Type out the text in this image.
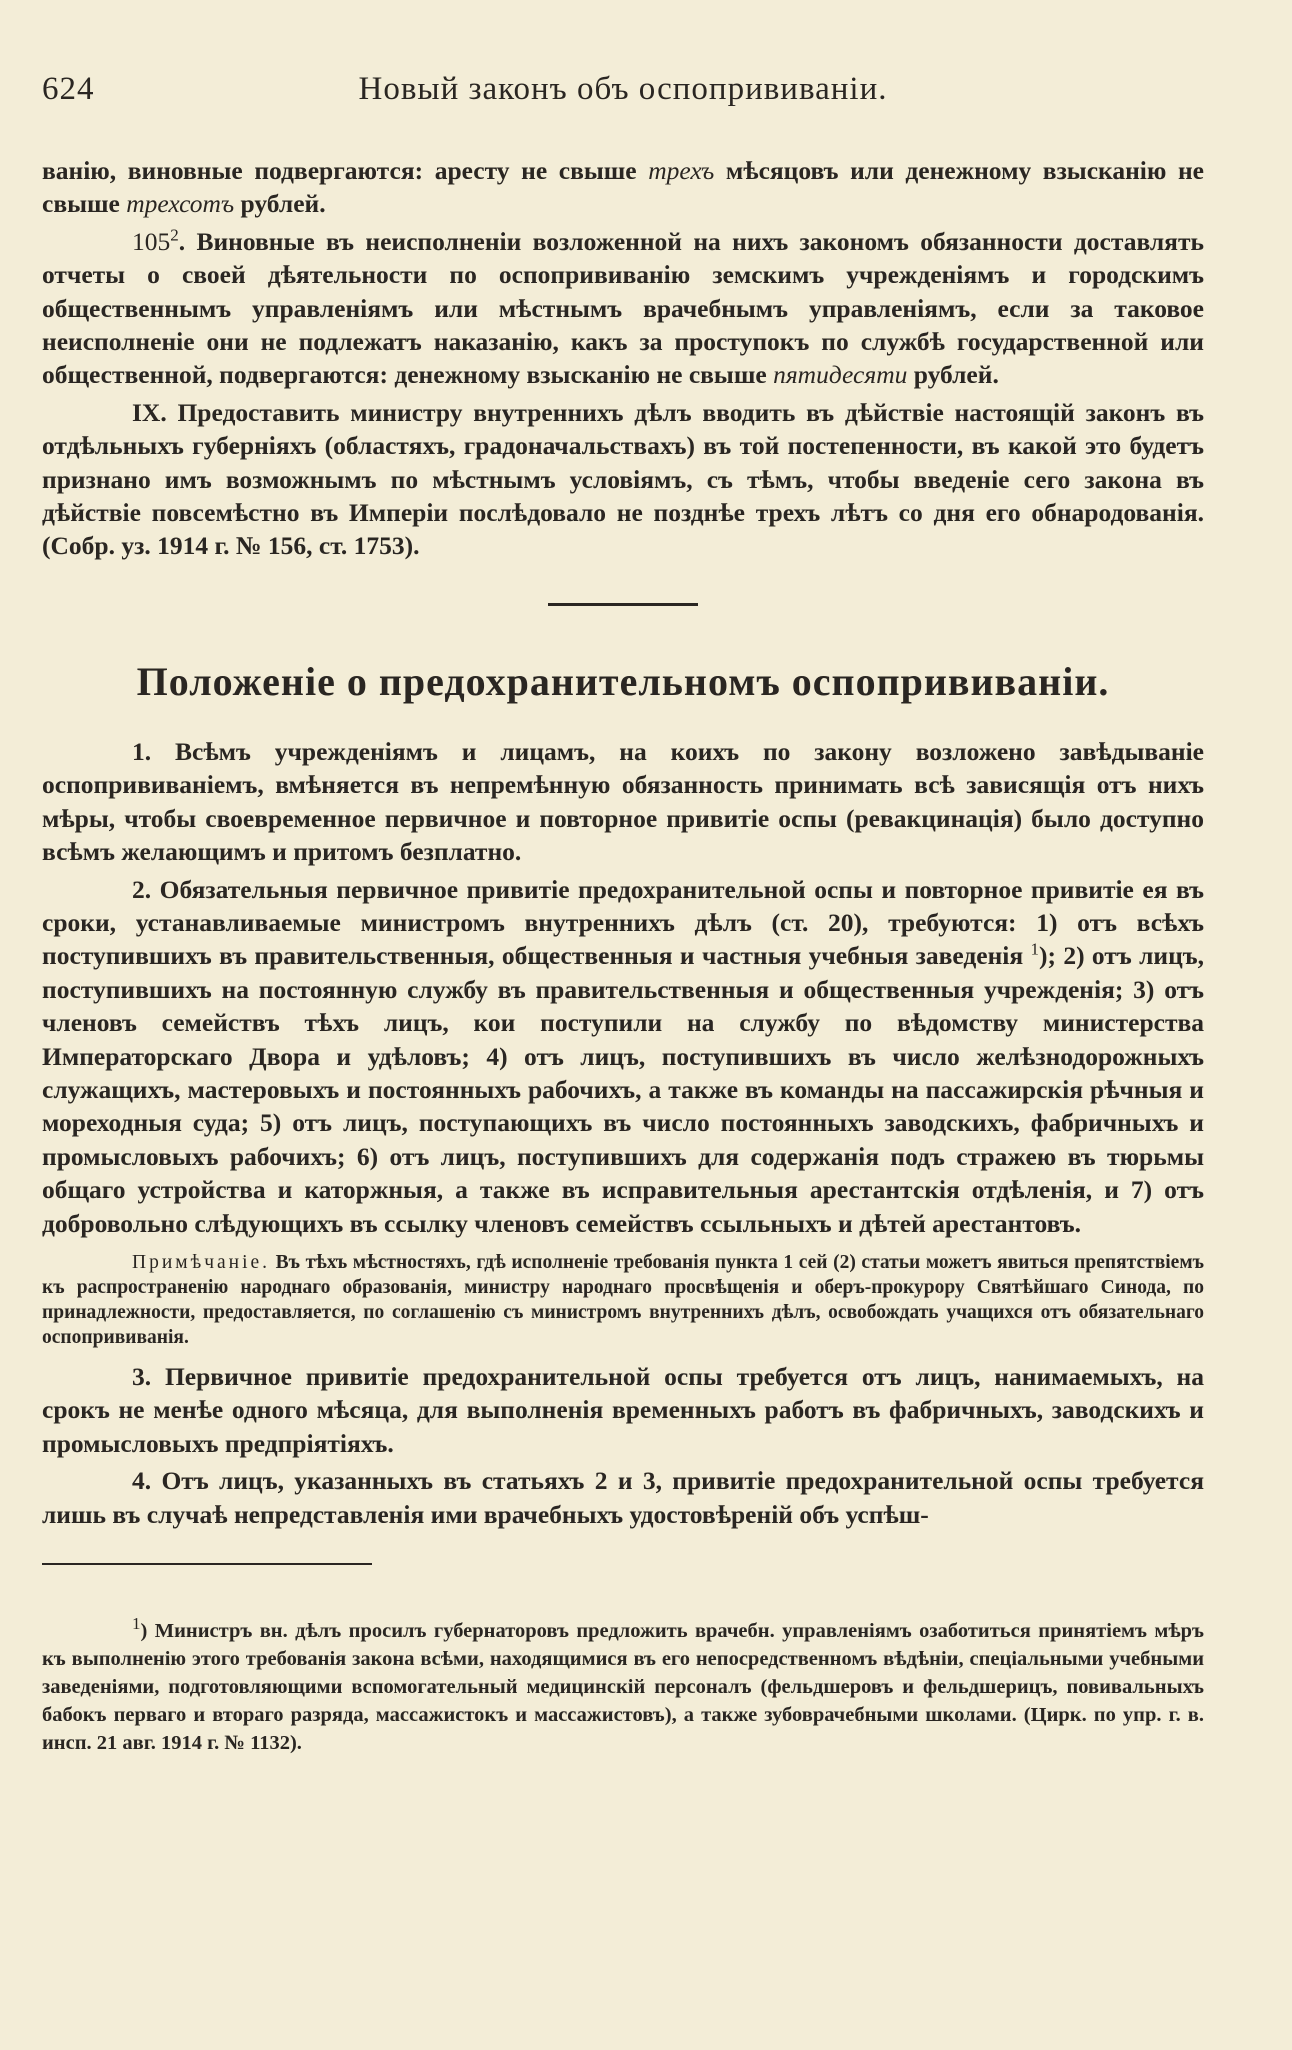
624	Новый законъ объ оспопрививаніи.

ванію, виновные подвергаются: аресту не свыше трехъ мѣсяцовъ или денежному взысканію не свыше трехсотъ рублей.

$105^2$. Виновные въ неисполненіи возложенной на нихъ закономъ обязанности доставлять отчеты о своей дѣятельности по оспопрививанію земскимъ учрежденіямъ и городскимъ общественнымъ управленіямъ или мѣстнымъ врачебнымъ управленіямъ, если за таковое неисполненіе они не подлежатъ наказанію, какъ за проступокъ по службѣ государственной или общественной, подвергаются: денежному взысканію не свыше пятидесяти рублей.

IX. Предоставить министру внутреннихъ дѣлъ вводить въ дѣйствіе настоящій законъ въ отдѣльныхъ губерніяхъ (областяхъ, градоначальствахъ) въ той постепенности, въ какой это будетъ признано имъ возможнымъ по мѣстнымъ условіямъ, съ тѣмъ, чтобы введеніе сего закона въ дѣйствіе повсемѣстно въ Имперіи послѣдовало не позднѣе трехъ лѣтъ со дня его обнародованія. (Собр. уз. 1914 г. № 156, ст. 1753).

Положеніе о предохранительномъ оспопрививаніи.

1. Всѣмъ учрежденіямъ и лицамъ, на коихъ по закону возложено завѣдываніе оспопрививаніемъ, вмѣняется въ непремѣнную обязанность принимать всѣ зависящія отъ нихъ мѣры, чтобы своевременное первичное и повторное привитіе оспы (ревакцинація) было доступно всѣмъ желающимъ и притомъ безплатно.

2. Обязательныя первичное привитіе предохранительной оспы и повторное привитіе ея въ сроки, устанавливаемые министромъ внутреннихъ дѣлъ (ст. 20), требуются: 1) отъ всѣхъ поступившихъ въ правительственныя, общественныя и частныя учебныя заведенія $^1$); 2) отъ лицъ, поступившихъ на постоянную службу въ правительственныя и общественныя учрежденія; 3) отъ членовъ семействъ тѣхъ лицъ, кои поступили на службу по вѣдомству министерства Императорскаго Двора и удѣловъ; 4) отъ лицъ, поступившихъ въ число желѣзнодорожныхъ служащихъ, мастеровыхъ и постоянныхъ рабочихъ, а также въ команды на пассажирскія рѣчныя и мореходныя суда; 5) отъ лицъ, поступающихъ въ число постоянныхъ заводскихъ, фабричныхъ и промысловыхъ рабочихъ; 6) отъ лицъ, поступившихъ для содержанія подъ стражею въ тюрьмы общаго устройства и каторжныя, а также въ исправительныя арестантскія отдѣленія, и 7) отъ добровольно слѣдующихъ въ ссылку членовъ семействъ ссыльныхъ и дѣтей арестантовъ.

Примѣчаніе. Въ тѣхъ мѣстностяхъ, гдѣ исполненіе требованія пункта 1 сей (2) статьи можетъ явиться препятствіемъ къ распространенію народнаго образованія, министру народнаго просвѣщенія и оберъ-прокурору Святѣйшаго Синода, по принадлежности, предоставляется, по соглашенію съ министромъ внутреннихъ дѣлъ, освобождать учащихся отъ обязательнаго оспопрививанія.

3. Первичное привитіе предохранительной оспы требуется отъ лицъ, нанимаемыхъ, на срокъ не менѣе одного мѣсяца, для выполненія временныхъ работъ въ фабричныхъ, заводскихъ и промысловыхъ предпріятіяхъ.

4. Отъ лицъ, указанныхъ въ статьяхъ 2 и 3, привитіе предохранительной оспы требуется лишь въ случаѣ непредставленія ими врачебныхъ удостовѣреній объ успѣш-

$^1$) Министръ вн. дѣлъ просилъ губернаторовъ предложить врачебн. управленіямъ озаботиться принятіемъ мѣръ къ выполненію этого требованія закона всѣми, находящимися въ его непосредственномъ вѣдѣніи, спеціальными учебными заведеніями, подготовляющими вспомогательный медицинскій персоналъ (фельдшеровъ и фельдшерицъ, повивальныхъ бабокъ перваго и втораго разряда, массажистокъ и массажистовъ), а также зубоврачебными школами. (Цирк. по упр. г. в. инсп. 21 авг. 1914 г. № 1132).
